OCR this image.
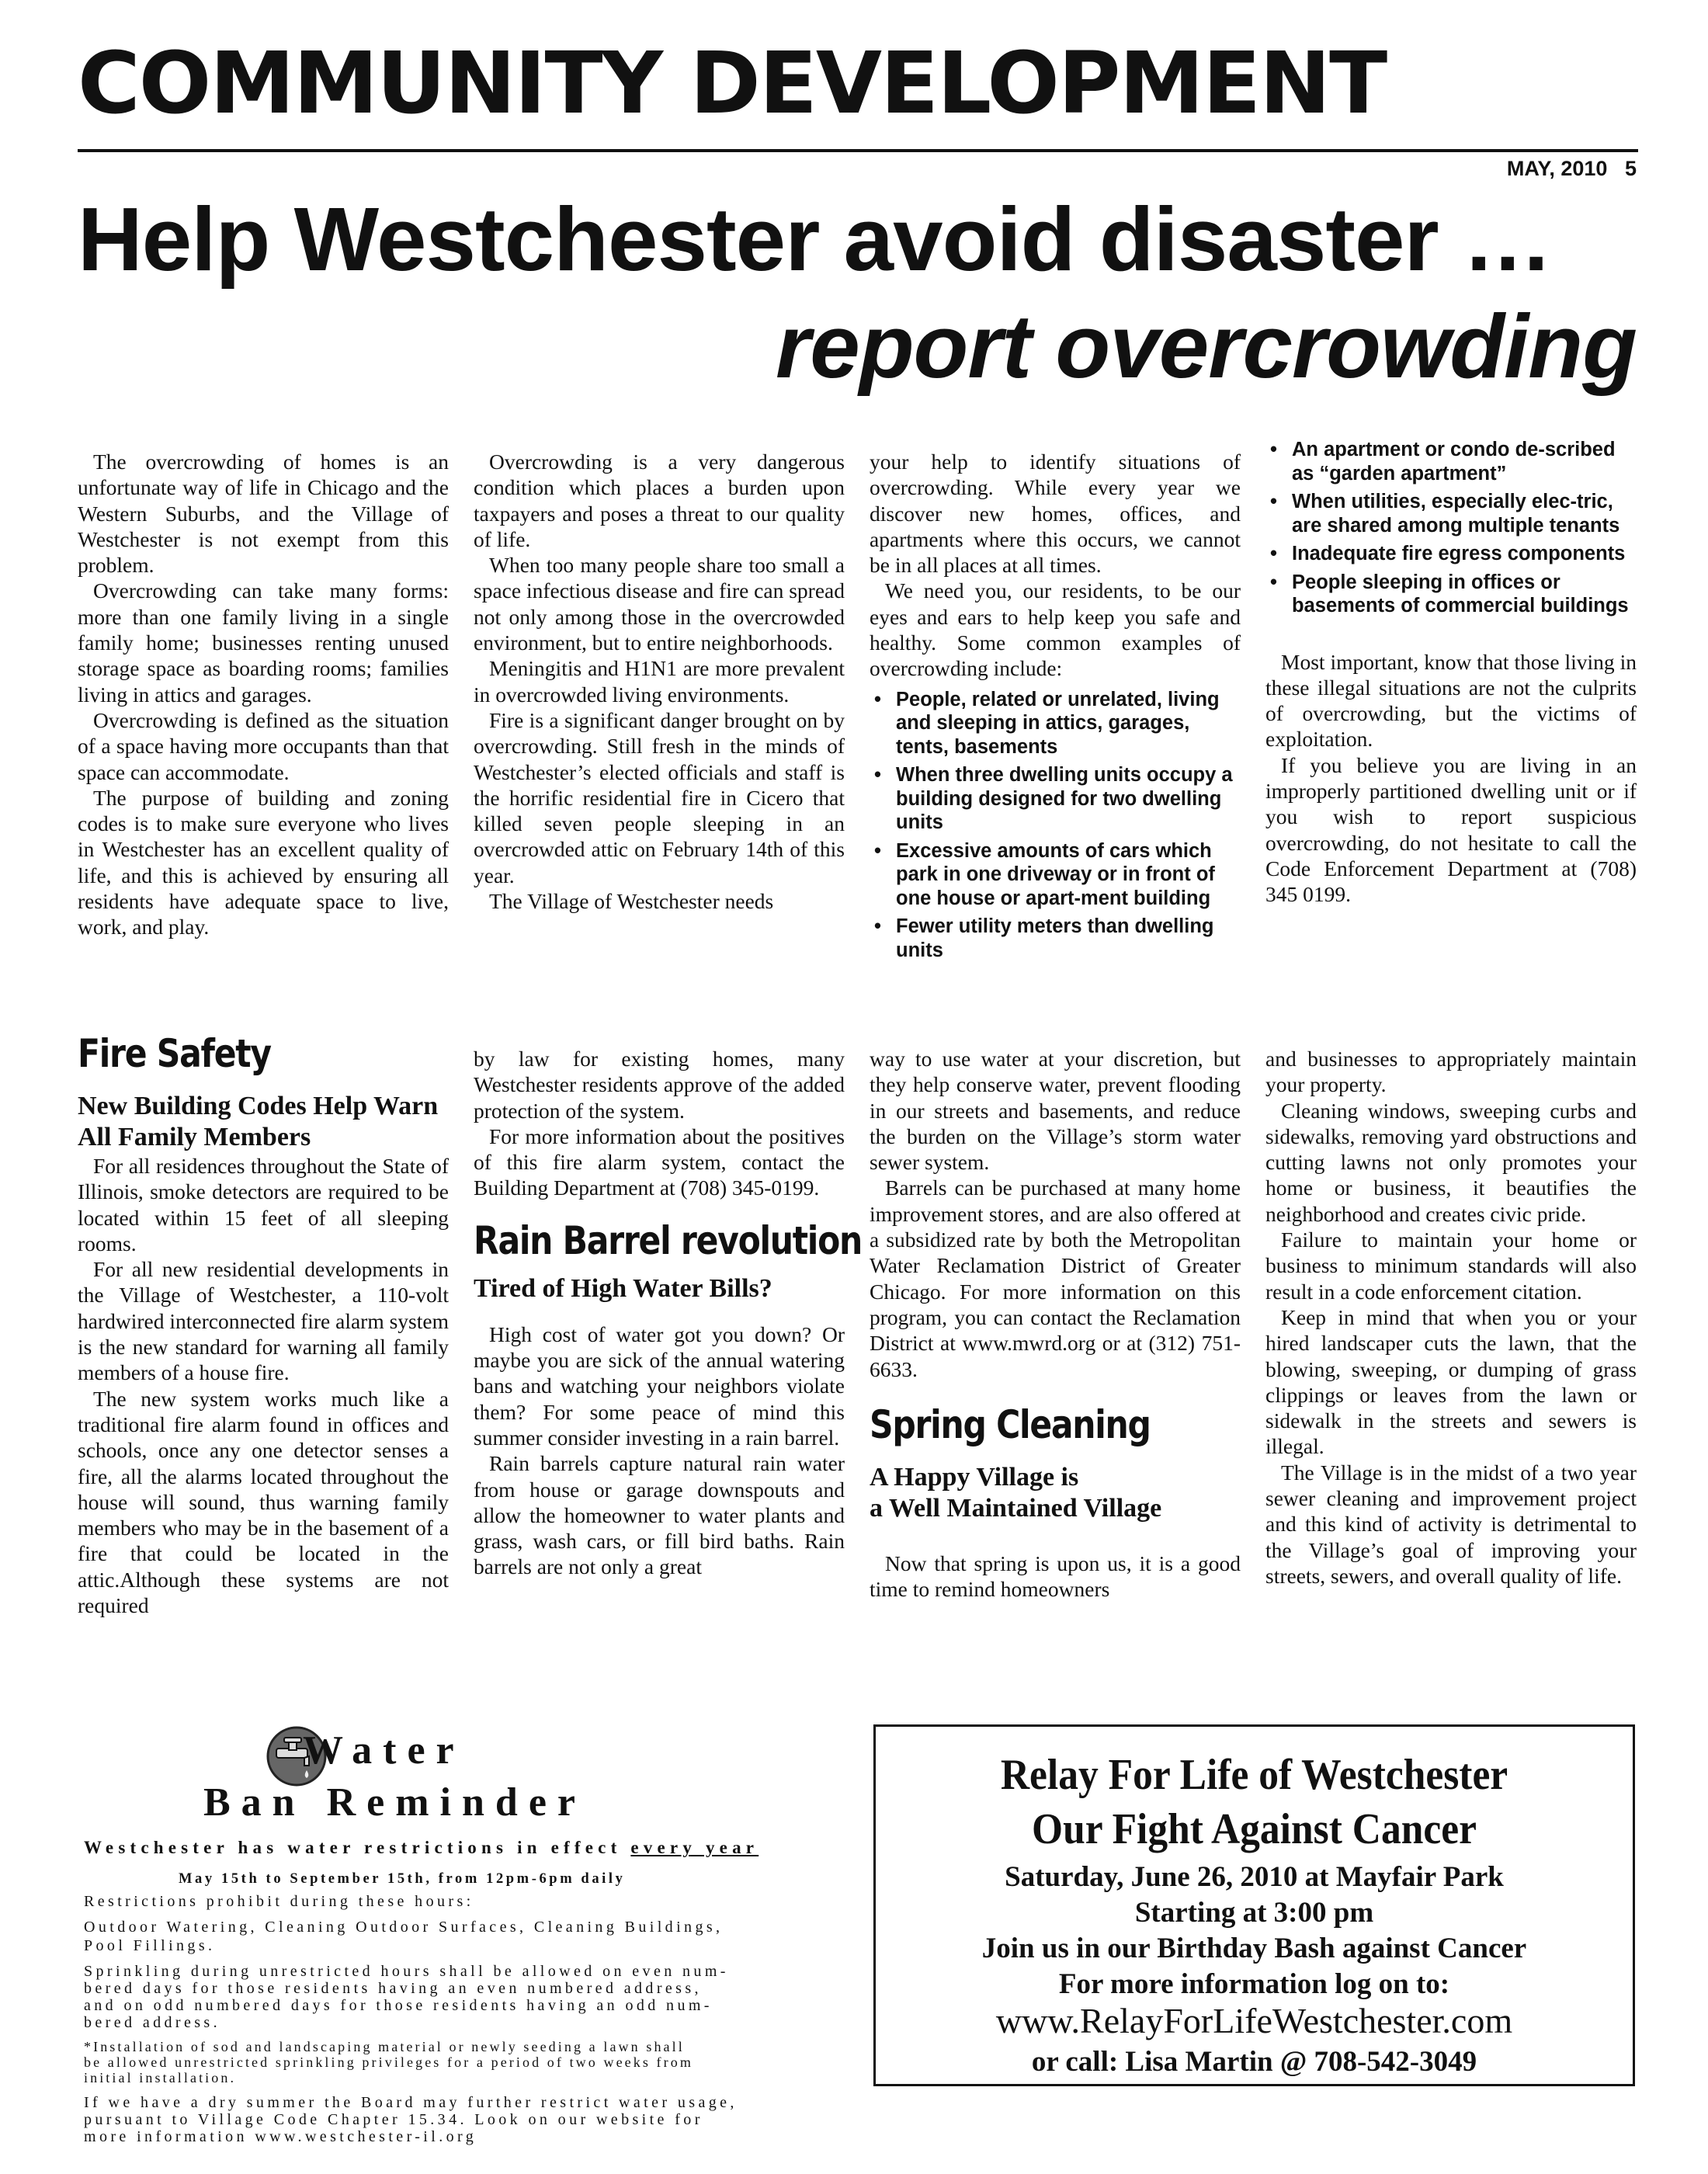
COMMUNITY DEVELOPMENT
MAY, 2010 5
Help Westchester avoid disaster …
report overcrowding

The overcrowding of homes is an unfortunate way of life in Chicago and the Western Suburbs, and the Village of Westchester is not exempt from this problem.

Overcrowding can take many forms: more than one family living in a single family home; businesses renting unused storage space as boarding rooms; families living in attics and garages.

Overcrowding is defined as the situation of a space having more occupants than that space can accommodate.

The purpose of building and zoning codes is to make sure everyone who lives in Westchester has an excellent quality of life, and this is achieved by ensuring all residents have adequate space to live, work, and play.

Overcrowding is a very dangerous condition which places a burden upon taxpayers and poses a threat to our quality of life.

When too many people share too small a space infectious disease and fire can spread not only among those in the overcrowded environment, but to entire neighborhoods.

Meningitis and H1N1 are more prevalent in overcrowded living environments.

Fire is a significant danger brought on by overcrowding. Still fresh in the minds of Westchester’s elected officials and staff is the horrific residential fire in Cicero that killed seven people sleeping in an overcrowded attic on February 14th of this year.

The Village of Westchester needs

your help to identify situations of overcrowding. While every year we discover new homes, offices, and apartments where this occurs, we cannot be in all places at all times.

We need you, our residents, to be our eyes and ears to help keep you safe and healthy. Some common examples of overcrowding include:

• People, related or unrelated, living and sleeping in attics, garages, tents, basements
• When three dwelling units occupy a building designed for two dwelling units
• Excessive amounts of cars which park in one driveway or in front of one house or apart-ment building
• Fewer utility meters than dwelling units
• An apartment or condo de-scribed as “garden apartment”
• When utilities, especially elec-tric, are shared among multiple tenants
• Inadequate fire egress components
• People sleeping in offices or basements of commercial buildings

Most important, know that those living in these illegal situations are not the culprits of overcrowding, but the victims of exploitation.

If you believe you are living in an improperly partitioned dwelling unit or if you wish to report suspicious overcrowding, do not hesitate to call the Code Enforcement Department at (708) 345 0199.

Fire Safety
New Building Codes Help Warn All Family Members

For all residences throughout the State of Illinois, smoke detectors are required to be located within 15 feet of all sleeping rooms.

For all new residential developments in the Village of Westchester, a 110-volt hardwired interconnected fire alarm system is the new standard for warning all family members of a house fire.

The new system works much like a traditional fire alarm found in offices and schools, once any one detector senses a fire, all the alarms located throughout the house will sound, thus warning family members who may be in the basement of a fire that could be located in the attic.Although these systems are not required

by law for existing homes, many Westchester residents approve of the added protection of the system.

For more information about the positives of this fire alarm system, contact the Building Department at (708) 345-0199.

Rain Barrel revolution
Tired of High Water Bills?

High cost of water got you down? Or maybe you are sick of the annual watering bans and watching your neighbors violate them? For some peace of mind this summer consider investing in a rain barrel.

Rain barrels capture natural rain water from house or garage downspouts and allow the homeowner to water plants and grass, wash cars, or fill bird baths. Rain barrels are not only a great

way to use water at your discretion, but they help conserve water, prevent flooding in our streets and basements, and reduce the burden on the Village’s storm water sewer system.

Barrels can be purchased at many home improvement stores, and are also offered at a subsidized rate by both the Metropolitan Water Reclamation District of Greater Chicago. For more information on this program, you can contact the Reclamation District at www.mwrd.org or at (312) 751-6633.

Spring Cleaning
A Happy Village is
a Well Maintained Village

Now that spring is upon us, it is a good time to remind homeowners

and businesses to appropriately maintain your property.

Cleaning windows, sweeping curbs and sidewalks, removing yard obstructions and cutting lawns not only promotes your home or business, it beautifies the neighborhood and creates civic pride.

Failure to maintain your home or business to minimum standards will also result in a code enforcement citation.

Keep in mind that when you or your hired landscaper cuts the lawn, that the blowing, sweeping, or dumping of grass clippings or leaves from the lawn or sidewalk in the streets and sewers is illegal.

The Village is in the midst of a two year sewer cleaning and improvement project and this kind of activity is detrimental to the Village’s goal of improving your streets, sewers, and overall quality of life.

Water
Ban Reminder
Westchester has water restrictions in effect every year
May 15th to September 15th, from 12pm-6pm daily
Restrictions prohibit during these hours:
Outdoor Watering, Cleaning Outdoor Surfaces, Cleaning Buildings,
Pool Fillings.
Sprinkling during unrestricted hours shall be allowed on even num-
bered days for those residents having an even numbered address,
and on odd numbered days for those residents having an odd num-
bered address.
*Installation of sod and landscaping material or newly seeding a lawn shall
be allowed unrestricted sprinkling privileges for a period of two weeks from
initial installation.
If we have a dry summer the Board may further restrict water usage,
pursuant to Village Code Chapter 15.34. Look on our website for
more information www.westchester-il.org
Relay For Life of Westchester
Our Fight Against Cancer
Saturday, June 26, 2010 at Mayfair Park
Starting at 3:00 pm
Join us in our Birthday Bash against Cancer
For more information log on to:
www.RelayForLifeWestchester.com
or call: Lisa Martin @ 708-542-3049
